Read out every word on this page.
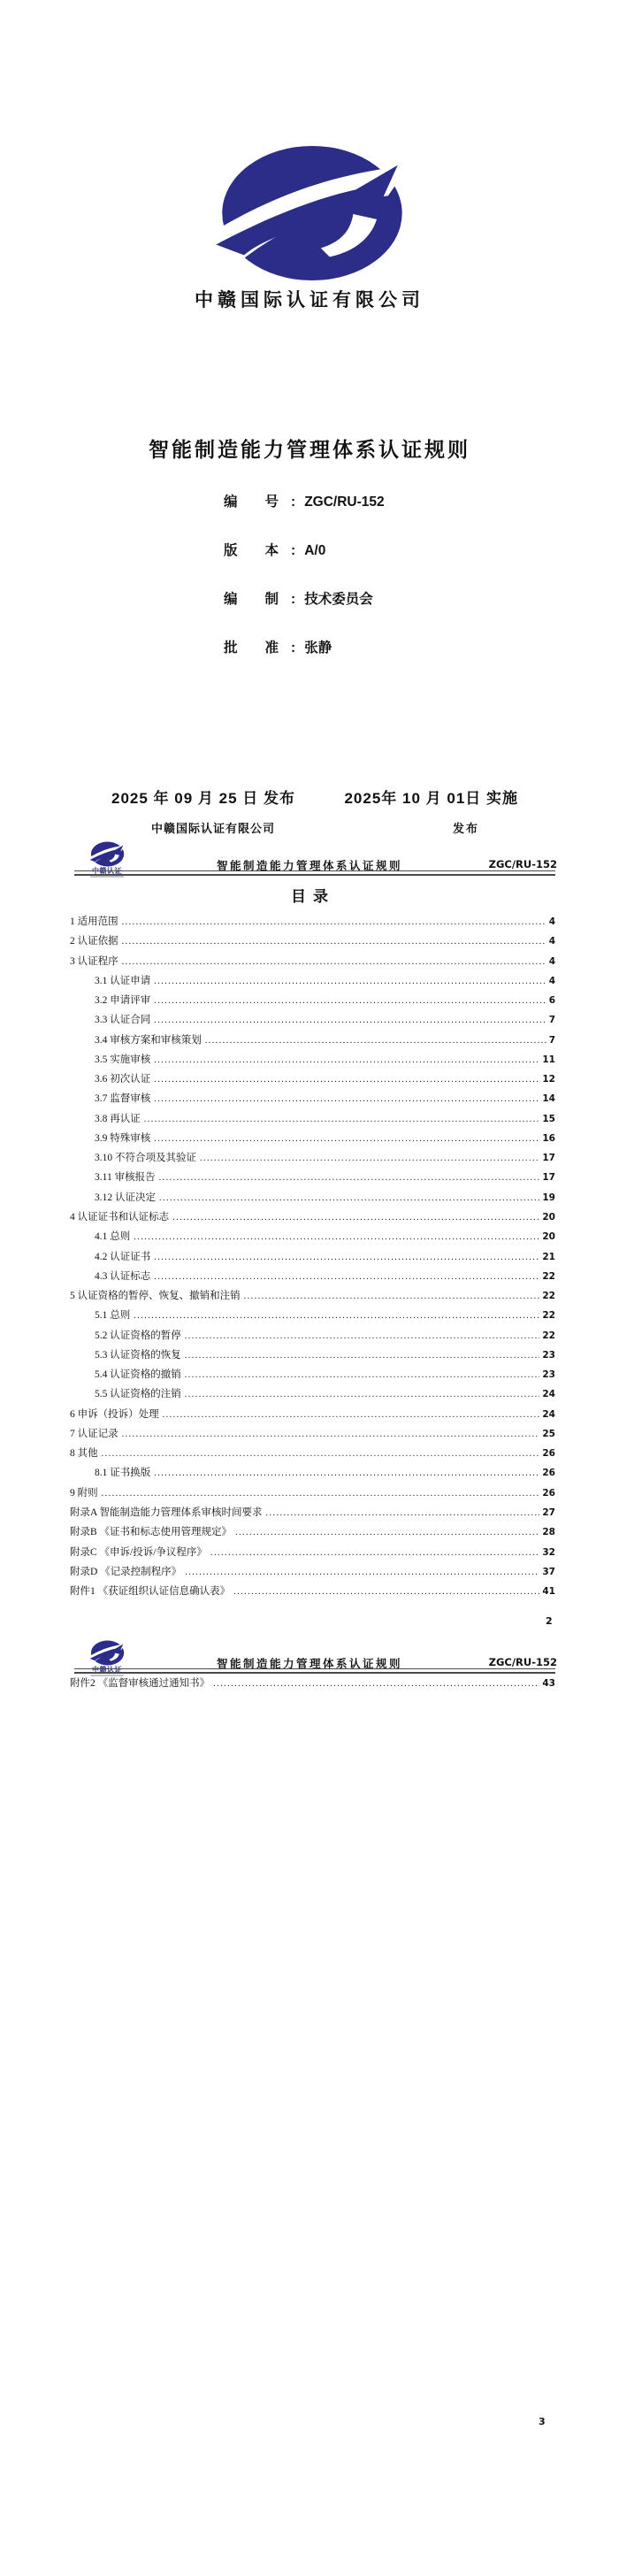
中赣国际认证有限公司
智能制造能力管理体系认证规则
编　　号 : ZGC/RU-152
版　　本 : A/0
编　　制 : 技术委员会
批　　准 : 张静
2025 年 09 月 25 日 发布	2025年 10 月 01日 实施
中赣国际认证有限公司	发布
中赣认证	智能制造能力管理体系认证规则	ZGC/RU-152
目录
1 适用范围 .....	4
2 认证依据 .....	4
3 认证程序 .....	4
3.1 认证申请 .....	4
3.2 申请评审 .....	6
3.3 认证合同 .....	7
3.4 审核方案和审核策划 .....	7
3.5 实施审核 .....	11
3.6 初次认证 .....	12
3.7 监督审核 .....	14
3.8 再认证 .....	15
3.9 特殊审核 .....	16
3.10 不符合项及其验证 .....	17
3.11 审核报告 .....	17
3.12 认证决定 .....	19
4 认证证书和认证标志 .....	20
4.1 总则 .....	20
4.2 认证证书 .....	21
4.3 认证标志 .....	22
5 认证资格的暂停、恢复、撤销和注销 .....	22
5.1 总则 .....	22
5.2 认证资格的暂停 .....	22
5.3 认证资格的恢复 .....	23
5.4 认证资格的撤销 .....	23
5.5 认证资格的注销 .....	24
6 申诉（投诉）处理 .....	24
7 认证记录 .....	25
8 其他 .....	26
8.1 证书换版 .....	26
9 附则 .....	26
附录A 智能制造能力管理体系审核时间要求 .....	27
附录B 《证书和标志使用管理规定》 .....	28
附录C 《申诉/投诉/争议程序》 .....	32
附录D 《记录控制程序》 .....	37
附件1 《获证组织认证信息确认表》 .....	41
2
中赣认证	智能制造能力管理体系认证规则	ZGC/RU-152
附件2 《监督审核通过通知书》 .....	43
3
